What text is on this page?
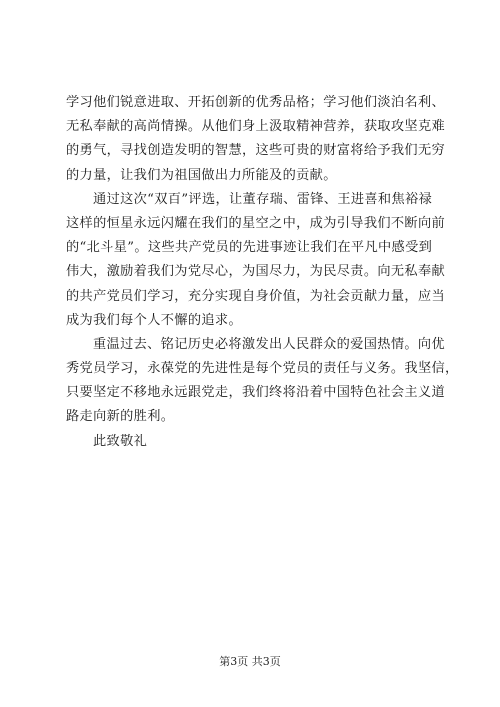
学习他们锐意进取、开拓创新的优秀品格；学习他们淡泊名利、
无私奉献的高尚情操。从他们身上汲取精神营养，获取攻坚克难
的勇气，寻找创造发明的智慧，这些可贵的财富将给予我们无穷
的力量，让我们为祖国做出力所能及的贡献。
通过这次“双百”评选，让董存瑞、雷锋、王进喜和焦裕禄
这样的恒星永远闪耀在我们的星空之中，成为引导我们不断向前
的“北斗星”。这些共产党员的先进事迹让我们在平凡中感受到
伟大，激励着我们为党尽心，为国尽力，为民尽责。向无私奉献
的共产党员们学习，充分实现自身价值，为社会贡献力量，应当
成为我们每个人不懈的追求。
重温过去、铭记历史必将激发出人民群众的爱国热情。向优
秀党员学习，永葆党的先进性是每个党员的责任与义务。我坚信，
只要坚定不移地永远跟党走，我们终将沿着中国特色社会主义道
路走向新的胜利。
此致敬礼
第3页 共3页
